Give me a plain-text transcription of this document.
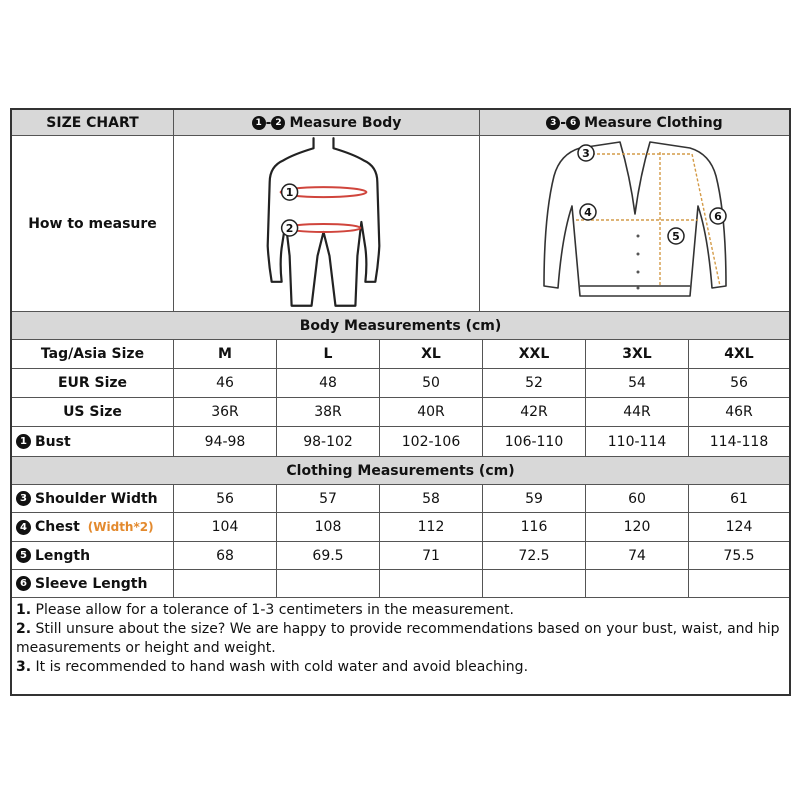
SIZE CHART	1 - 2 Measure Body	3 - 6 Measure Clothing
How to measure
1
2
3
4
5
6
Body Measurements (cm)
Tag/Asia Size	M	L	XL	XXL	3XL	4XL
EUR Size	46	48	50	52	54	56
US Size	36R	38R	40R	42R	44R	46R
1 Bust	94-98	98-102	102-106	106-110	110-114	114-118
Clothing Measurements (cm)
3 Shoulder Width	56	57	58	59	60	61
4 Chest (Width*2)	104	108	112	116	120	124
5 Length	68	69.5	71	72.5	74	75.5
6 Sleeve Length
1. Please allow for a tolerance of 1-3 centimeters in the measurement.
2. Still unsure about the size? We are happy to provide recommendations based on your bust, waist, and hip measurements or height and weight.
3. It is recommended to hand wash with cold water and avoid bleaching.
